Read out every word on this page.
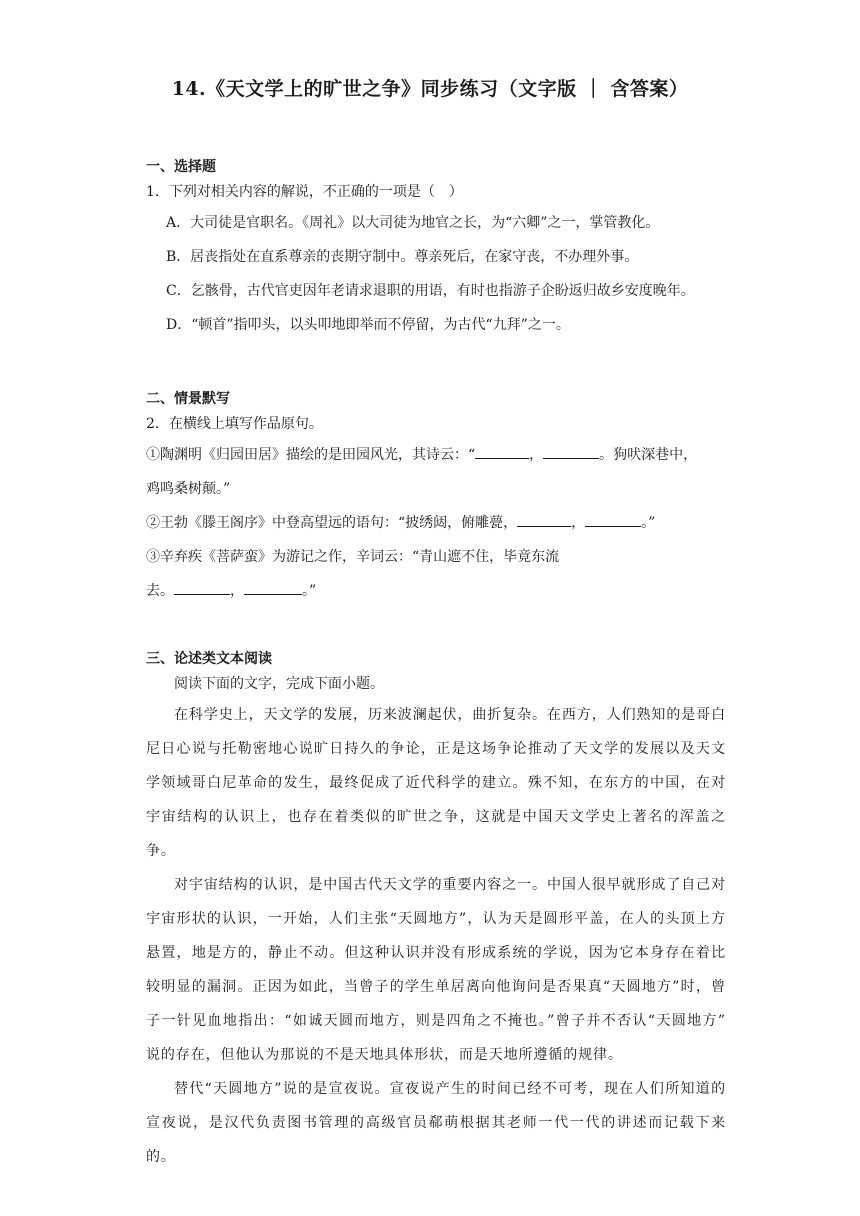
14.《天文学上的旷世之争》同步练习（文字版 ｜ 含答案）

一、选择题

1．下列对相关内容的解说，不正确的一项是（　）

A．大司徒是官职名。《周礼》以大司徒为地官之长，为“六卿”之一，掌管教化。

B．居丧指处在直系尊亲的丧期守制中。尊亲死后，在家守丧，不办理外事。

C．乞骸骨，古代官吏因年老请求退职的用语，有时也指游子企盼返归故乡安度晚年。

D．“顿首”指叩头，以头叩地即举而不停留，为古代“九拜”之一。

二、情景默写

2．在横线上填写作品原句。

①陶渊明《归园田居》描绘的是田园风光，其诗云：“	，	。狗吠深巷中，

鸡鸣桑树颠。”

②王勃《滕王阁序》中登高望远的语句：“披绣闼，俯雕甍，	，	。”

③辛弃疾《菩萨蛮》为游记之作，辛词云：“青山遮不住，毕竟东流

去。	，	。”

三、论述类文本阅读

阅读下面的文字，完成下面小题。

在科学史上，天文学的发展，历来波澜起伏，曲折复杂。在西方，人们熟知的是哥白尼日心说与托勒密地心说旷日持久的争论，正是这场争论推动了天文学的发展以及天文学领域哥白尼革命的发生，最终促成了近代科学的建立。殊不知，在东方的中国，在对宇宙结构的认识上，也存在着类似的旷世之争，这就是中国天文学史上著名的浑盖之争。

对宇宙结构的认识，是中国古代天文学的重要内容之一。中国人很早就形成了自己对宇宙形状的认识，一开始，人们主张“天圆地方”，认为天是圆形平盖，在人的头顶上方悬置，地是方的，静止不动。但这种认识并没有形成系统的学说，因为它本身存在着比较明显的漏洞。正因为如此，当曾子的学生单居离向他询问是否果真“天圆地方”时，曾子一针见血地指出：“如诚天圆而地方，则是四角之不掩也。”曾子并不否认“天圆地方” 说的存在，但他认为那说的不是天地具体形状，而是天地所遵循的规律。

替代“天圆地方”说的是宣夜说。宣夜说产生的时间已经不可考，现在人们所知道的宣夜说，是汉代负责图书管理的高级官员郗萌根据其老师一代一代的讲述而记载下来的。
